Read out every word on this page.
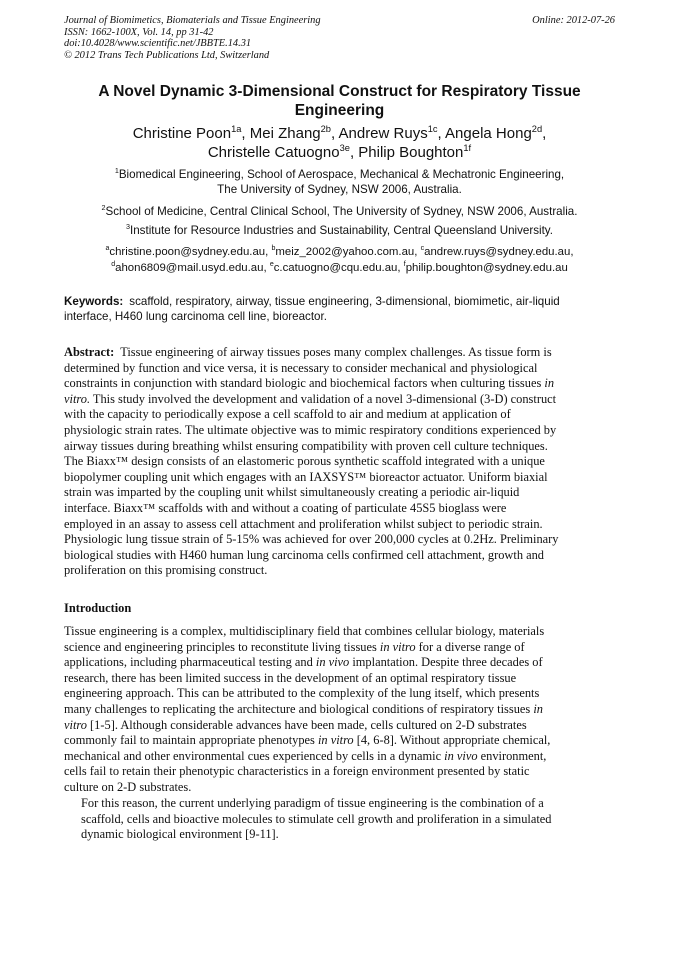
Journal of Biomimetics, Biomaterials and Tissue Engineering
ISSN: 1662-100X, Vol. 14, pp 31-42
doi:10.4028/www.scientific.net/JBBTE.14.31
© 2012 Trans Tech Publications Ltd, Switzerland
Online: 2012-07-26
A Novel Dynamic 3-Dimensional Construct for Respiratory Tissue
Engineering
Christine Poon$^{1a}$, Mei Zhang$^{2b}$, Andrew Ruys$^{1c}$, Angela Hong$^{2d}$,
Christelle Catuogno$^{3e}$, Philip Boughton$^{1f}$
$^1$Biomedical Engineering, School of Aerospace, Mechanical & Mechatronic Engineering,
The University of Sydney, NSW 2006, Australia.
$^2$School of Medicine, Central Clinical School, The University of Sydney, NSW 2006, Australia.
$^3$Institute for Resource Industries and Sustainability, Central Queensland University.
$^a$christine.poon@sydney.edu.au, $^b$meiz_2002@yahoo.com.au, $^c$andrew.ruys@sydney.edu.au,
$^d$ahon6809@mail.usyd.edu.au, $^e$c.catuogno@cqu.edu.au, $^f$philip.boughton@sydney.edu.au
Keywords: scaffold, respiratory, airway, tissue engineering, 3-dimensional, biomimetic, air-liquid
interface, H460 lung carcinoma cell line, bioreactor.
Abstract: Tissue engineering of airway tissues poses many complex challenges. As tissue form is
determined by function and vice versa, it is necessary to consider mechanical and physiological
constraints in conjunction with standard biologic and biochemical factors when culturing tissues in
vitro. This study involved the development and validation of a novel 3-dimensional (3-D) construct
with the capacity to periodically expose a cell scaffold to air and medium at application of
physiologic strain rates. The ultimate objective was to mimic respiratory conditions experienced by
airway tissues during breathing whilst ensuring compatibility with proven cell culture techniques.
The Biaxx™ design consists of an elastomeric porous synthetic scaffold integrated with a unique
biopolymer coupling unit which engages with an IAXSYS™ bioreactor actuator. Uniform biaxial
strain was imparted by the coupling unit whilst simultaneously creating a periodic air-liquid
interface. Biaxx™ scaffolds with and without a coating of particulate 45S5 bioglass were
employed in an assay to assess cell attachment and proliferation whilst subject to periodic strain.
Physiologic lung tissue strain of 5-15% was achieved for over 200,000 cycles at 0.2Hz. Preliminary
biological studies with H460 human lung carcinoma cells confirmed cell attachment, growth and
proliferation on this promising construct.
Introduction
Tissue engineering is a complex, multidisciplinary field that combines cellular biology, materials
science and engineering principles to reconstitute living tissues in vitro for a diverse range of
applications, including pharmaceutical testing and in vivo implantation. Despite three decades of
research, there has been limited success in the development of an optimal respiratory tissue
engineering approach. This can be attributed to the complexity of the lung itself, which presents
many challenges to replicating the architecture and biological conditions of respiratory tissues in
vitro [1-5]. Although considerable advances have been made, cells cultured on 2-D substrates
commonly fail to maintain appropriate phenotypes in vitro [4, 6-8]. Without appropriate chemical,
mechanical and other environmental cues experienced by cells in a dynamic in vivo environment,
cells fail to retain their phenotypic characteristics in a foreign environment presented by static
culture on 2-D substrates.
For this reason, the current underlying paradigm of tissue engineering is the combination of a
scaffold, cells and bioactive molecules to stimulate cell growth and proliferation in a simulated
dynamic biological environment [9-11].
